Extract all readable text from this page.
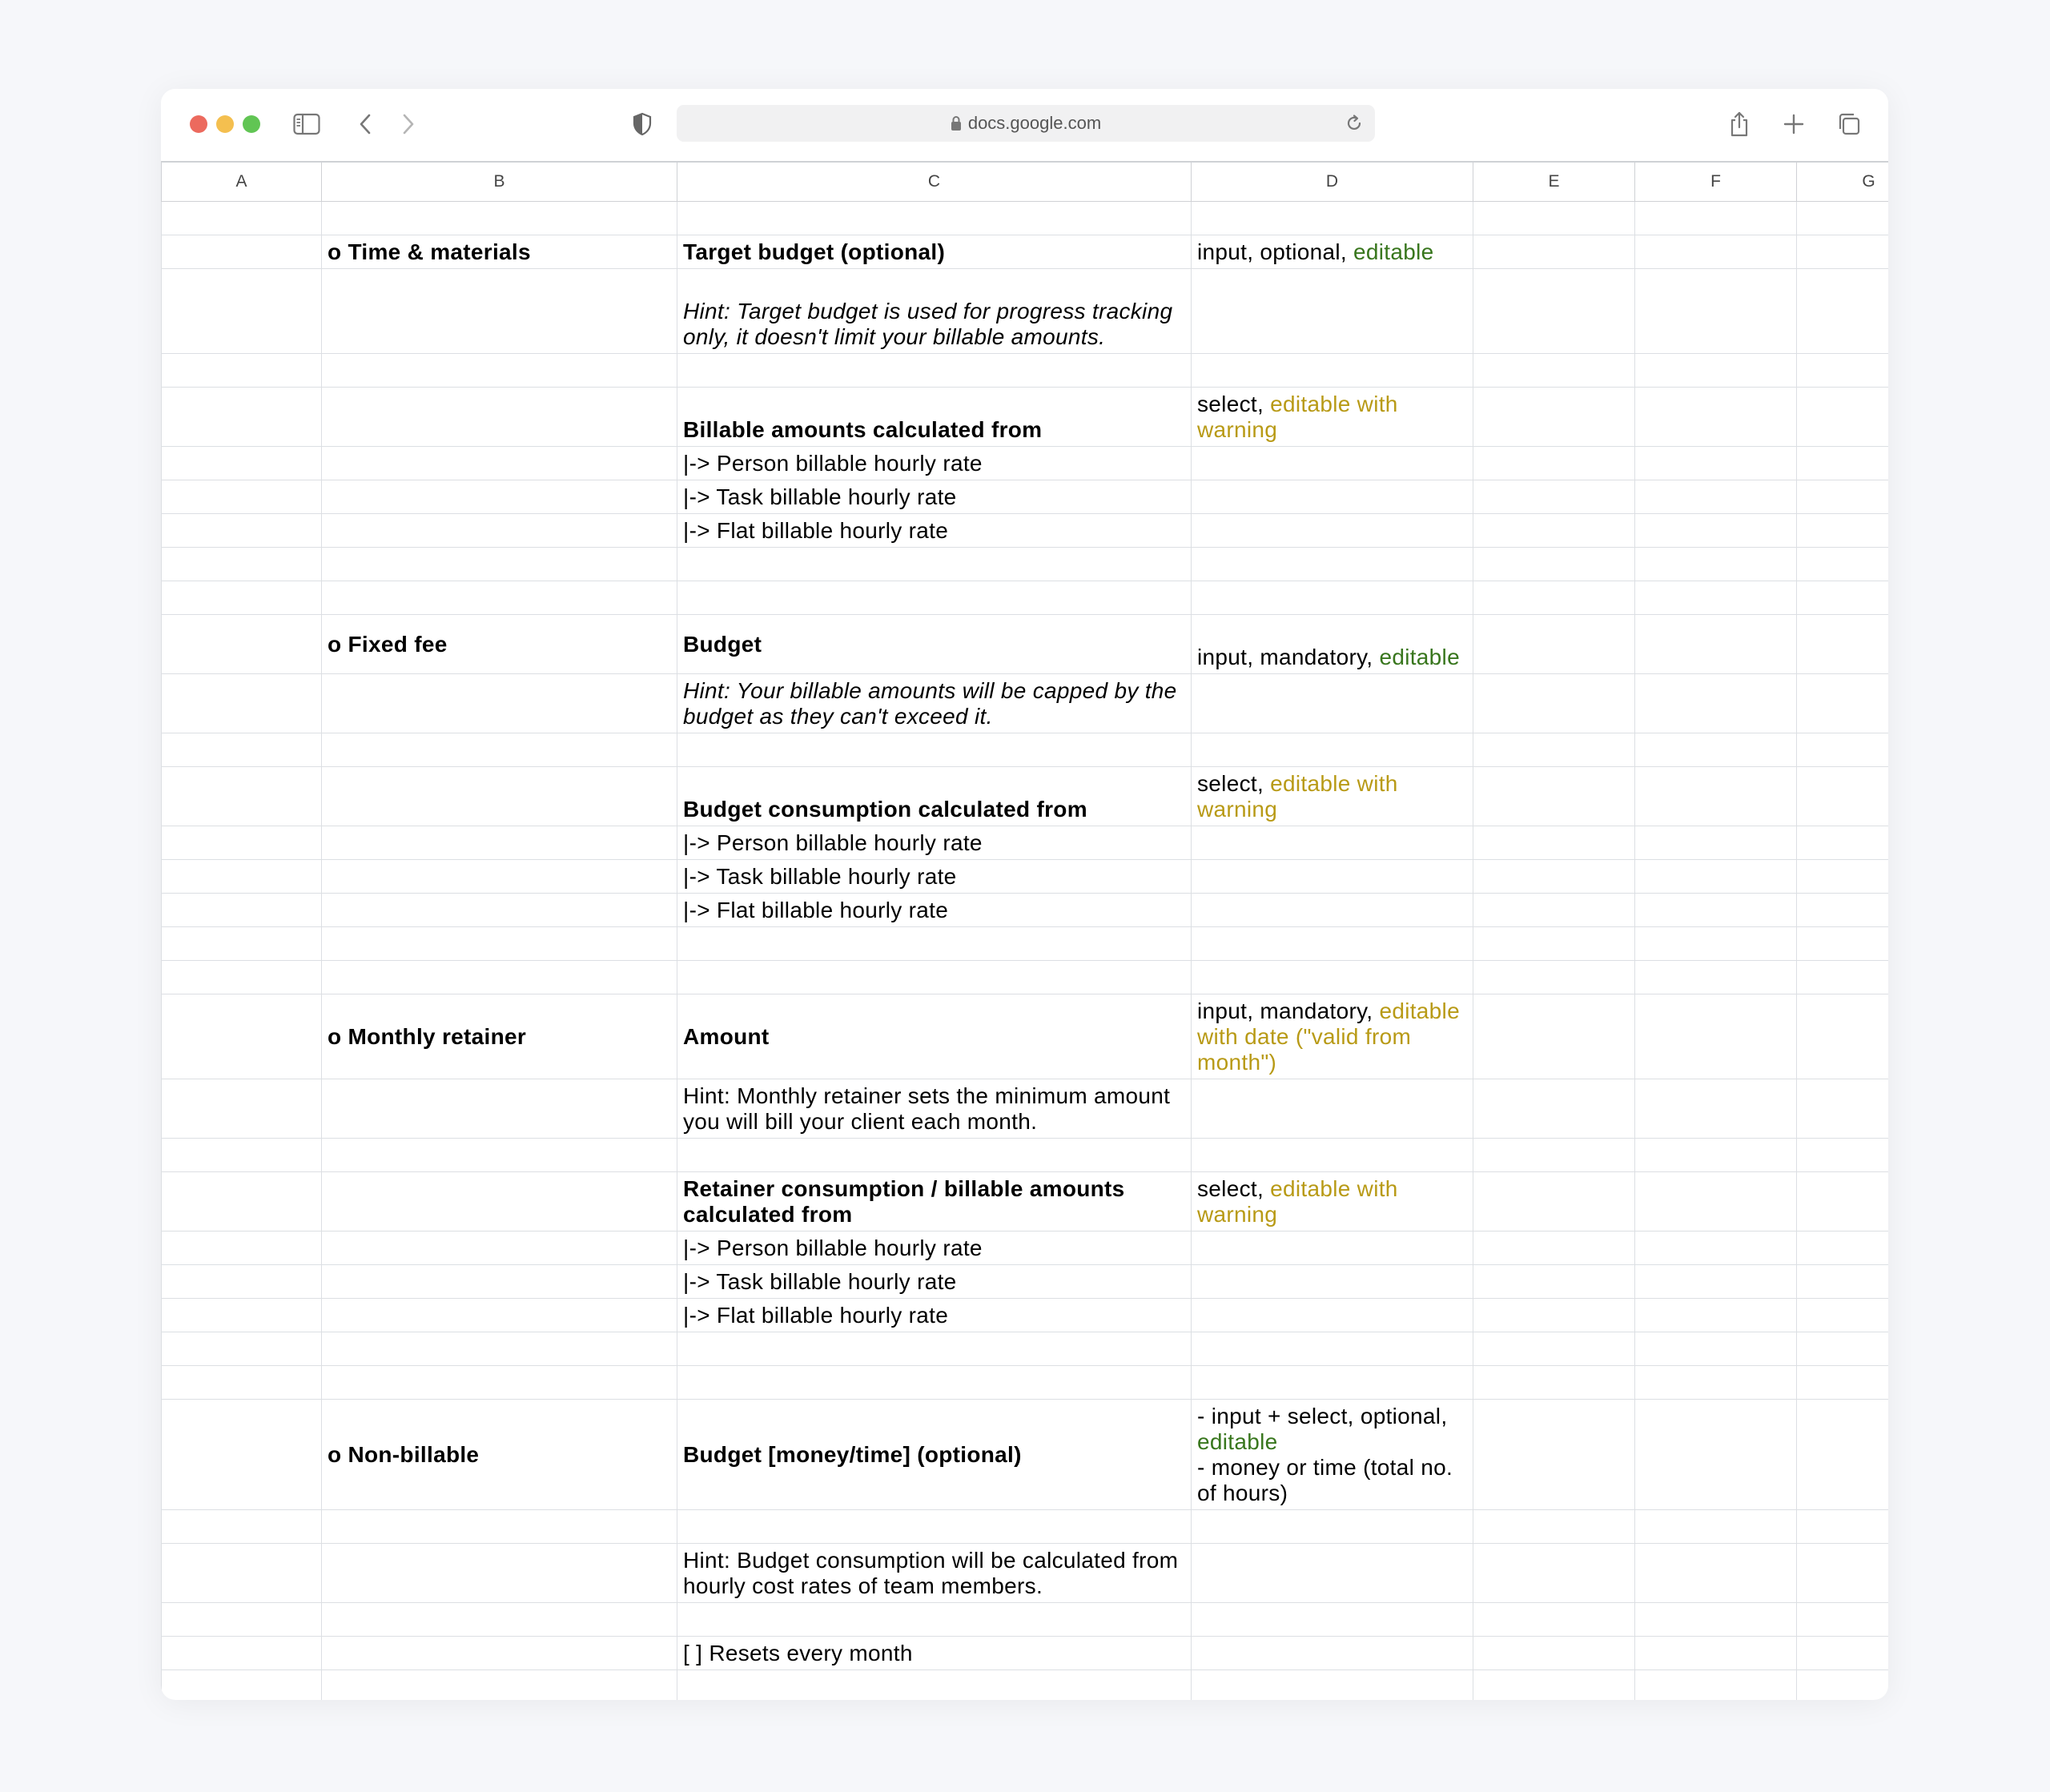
docs.google.com
A	B	C	D	E	F	G

	o Time & materials	Target budget (optional)	input, optional, editable			
		Hint: Target budget is used for progress tracking only, it doesn't limit your billable amounts.				

		Billable amounts calculated from	select, editable with warning			
		|-> Person billable hourly rate				
		|-> Task billable hourly rate				
		|-> Flat billable hourly rate				

	o Fixed fee	Budget	input, mandatory, editable			
		Hint: Your billable amounts will be capped by the budget as they can't exceed it.				

		Budget consumption calculated from	select, editable with warning			
		|-> Person billable hourly rate				
		|-> Task billable hourly rate				
		|-> Flat billable hourly rate				

	o Monthly retainer	Amount	input, mandatory, editable with date ("valid from month")			
		Hint: Monthly retainer sets the minimum amount you will bill your client each month.				

		Retainer consumption / billable amounts calculated from	select, editable with warning			
		|-> Person billable hourly rate				
		|-> Task billable hourly rate				
		|-> Flat billable hourly rate				

	o Non-billable	Budget [money/time] (optional)	- input + select, optional, editable
- money or time (total no. of hours)			

		Hint: Budget consumption will be calculated from hourly cost rates of team members.				

		[ ] Resets every month				
